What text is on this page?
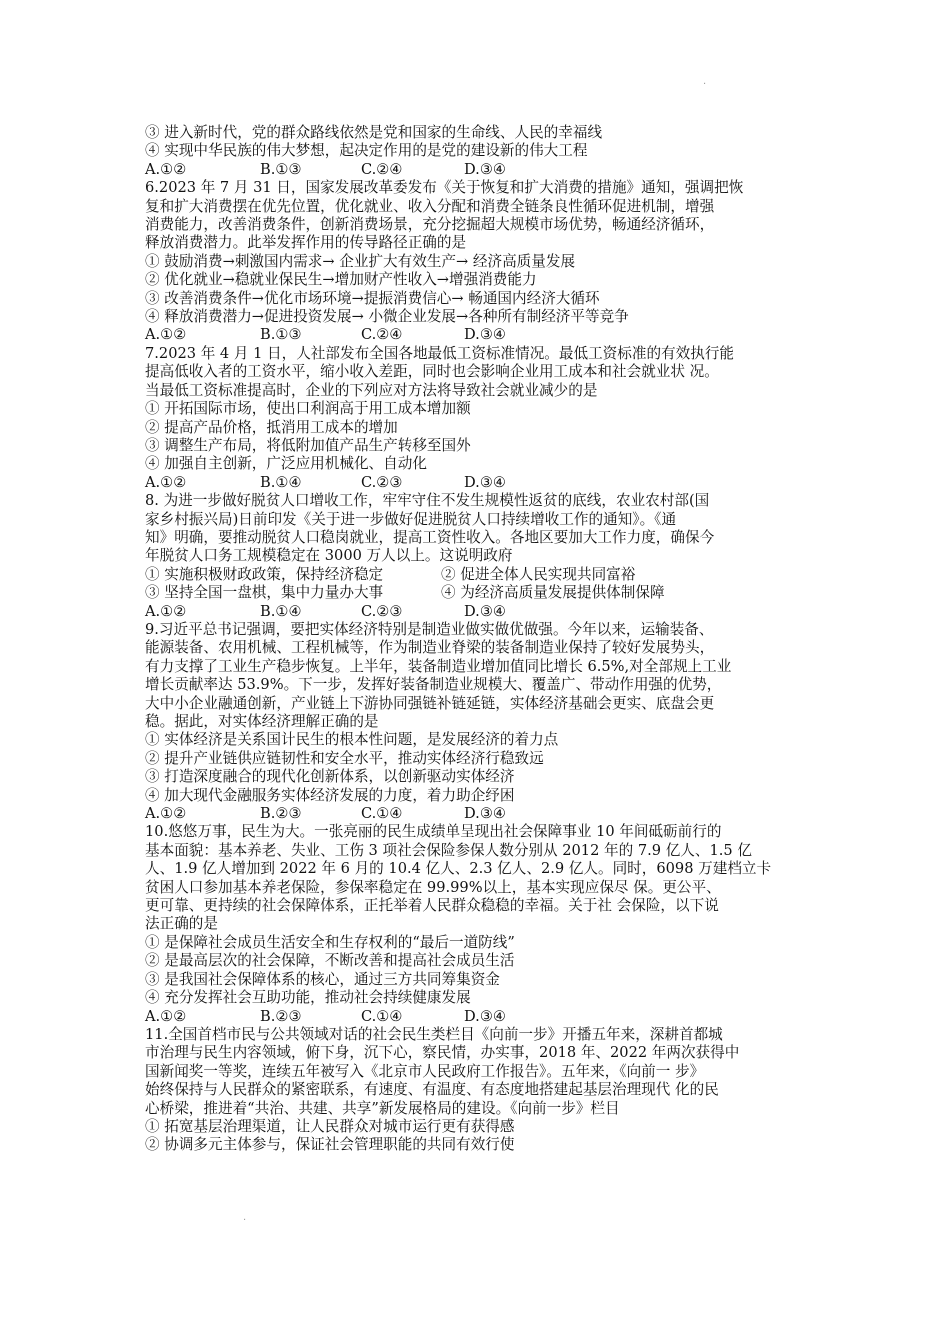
.
③ 进入新时代，党的群众路线依然是党和国家的生命线、人民的幸福线
④ 实现中华民族的伟大梦想，起决定作用的是党的建设新的伟大工程
A.①②	B.①③	C.②④	D.③④
6.2023 年 7 月 31 日，国家发展改革委发布《关于恢复和扩大消费的措施》通知，强调把恢
复和扩大消费摆在优先位置，优化就业、收入分配和消费全链条良性循环促进机制，增强
消费能力，改善消费条件，创新消费场景，充分挖掘超大规模市场优势，畅通经济循环，
释放消费潜力。此举发挥作用的传导路径正确的是
① 鼓励消费→刺激国内需求→ 企业扩大有效生产→ 经济高质量发展
② 优化就业→稳就业保民生→增加财产性收入→增强消费能力
③ 改善消费条件→优化市场环境→提振消费信心→ 畅通国内经济大循环
④ 释放消费潜力→促进投资发展→ 小微企业发展→各种所有制经济平等竞争
A.①②	B.①③	C.②④	D.③④
7.2023 年 4 月 1 日，人社部发布全国各地最低工资标准情况。最低工资标准的有效执行能
提高低收入者的工资水平，缩小收入差距，同时也会影响企业用工成本和社会就业状 况。
当最低工资标准提高时，企业的下列应对方法将导致社会就业减少的是
① 开拓国际市场，使出口利润高于用工成本增加额
② 提高产品价格，抵消用工成本的增加
③ 调整生产布局，将低附加值产品生产转移至国外
④ 加强自主创新，广泛应用机械化、自动化
A.①②	B.①④	C.②③	D.③④
8. 为进一步做好脱贫人口增收工作，牢牢守住不发生规模性返贫的底线，农业农村部(国
家乡村振兴局)日前印发《关于进一步做好促进脱贫人口持续增收工作的通知》。《通
知》明确，要推动脱贫人口稳岗就业，提高工资性收入。各地区要加大工作力度，确保今
年脱贫人口务工规模稳定在 3000 万人以上。这说明政府
① 实施积极财政政策，保持经济稳定	② 促进全体人民实现共同富裕
③ 坚持全国一盘棋，集中力量办大事	④ 为经济高质量发展提供体制保障
A.①②	B.①④	C.②③	D.③④
9.习近平总书记强调，要把实体经济特别是制造业做实做优做强。今年以来，运输装备、
能源装备、农用机械、工程机械等，作为制造业脊梁的装备制造业保持了较好发展势头，
有力支撑了工业生产稳步恢复。上半年，装备制造业增加值同比增长 6.5%,对全部规上工业
增长贡献率达 53.9%。下一步，发挥好装备制造业规模大、覆盖广、带动作用强的优势，
大中小企业融通创新，产业链上下游协同强链补链延链，实体经济基础会更实、底盘会更
稳。据此，对实体经济理解正确的是
① 实体经济是关系国计民生的根本性问题，是发展经济的着力点
② 提升产业链供应链韧性和安全水平，推动实体经济行稳致远
③ 打造深度融合的现代化创新体系，以创新驱动实体经济
④ 加大现代金融服务实体经济发展的力度，着力助企纾困
A.①②	B.②③	C.①④	D.③④
10.悠悠万事，民生为大。一张亮丽的民生成绩单呈现出社会保障事业 10 年间砥砺前行的
基本面貌：基本养老、失业、工伤 3 项社会保险参保人数分别从 2012 年的 7.9 亿人、1.5 亿
人、1.9 亿人增加到 2022 年 6 月的 10.4 亿人、2.3 亿人、2.9 亿人。同时，6098 万建档立卡
贫困人口参加基本养老保险，参保率稳定在 99.99%以上，基本实现应保尽 保。更公平、
更可靠、更持续的社会保障体系，正托举着人民群众稳稳的幸福。关于社 会保险，以下说
法正确的是
① 是保障社会成员生活安全和生存权利的“最后一道防线”
② 是最高层次的社会保障，不断改善和提高社会成员生活
③ 是我国社会保障体系的核心，通过三方共同筹集资金
④ 充分发挥社会互助功能，推动社会持续健康发展
A.①②	B.②③	C.①④	D.③④
11.全国首档市民与公共领域对话的社会民生类栏目《向前一步》开播五年来，深耕首都城
市治理与民生内容领域，俯下身，沉下心，察民情，办实事，2018 年、2022 年两次获得中
国新闻奖一等奖，连续五年被写入《北京市人民政府工作报告》。五年来，《向前一 步》
始终保持与人民群众的紧密联系，有速度、有温度、有态度地搭建起基层治理现代 化的民
心桥梁，推进着“共治、共建、共享”新发展格局的建设。《向前一步》栏目
① 拓宽基层治理渠道，让人民群众对城市运行更有获得感
② 协调多元主体参与，保证社会管理职能的共同有效行使
.
